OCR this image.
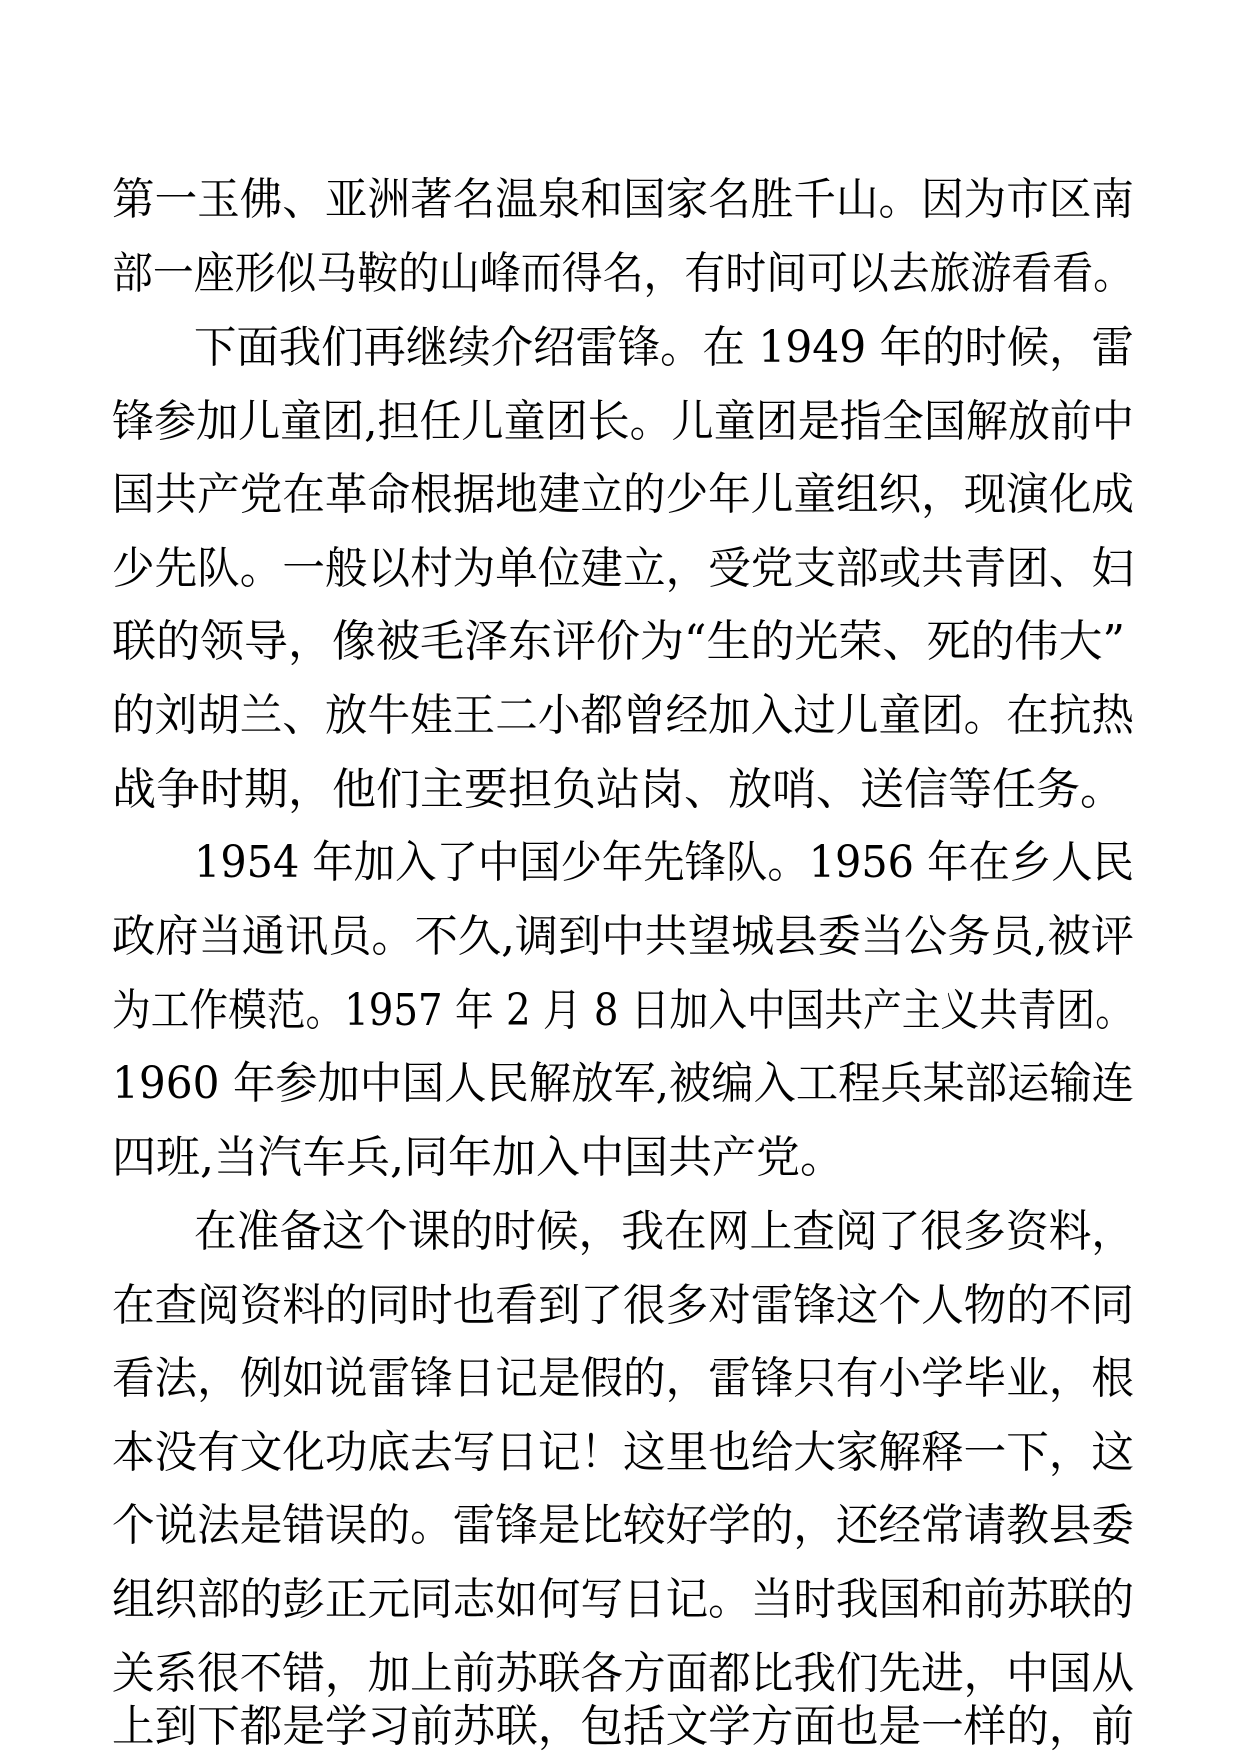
第一玉佛、亚洲著名温泉和国家名胜千山。因为市区南
部一座形似马鞍的山峰而得名，有时间可以去旅游看看。
下面我们再继续介绍雷锋。在 1949 年的时候，雷
锋参加儿童团,担任儿童团长。儿童团是指全国解放前中
国共产党在革命根据地建立的少年儿童组织，现演化成
少先队。一般以村为单位建立，受党支部或共青团、妇
联的领导，像被毛泽东评价为“生的光荣、死的伟大”
的刘胡兰、放牛娃王二小都曾经加入过儿童团。在抗热
战争时期，他们主要担负站岗、放哨、送信等任务。
1954 年加入了中国少年先锋队。1956 年在乡人民
政府当通讯员。不久,调到中共望城县委当公务员,被评
为工作模范。1957 年 2 月 8 日加入中国共产主义共青团。
1960 年参加中国人民解放军,被编入工程兵某部运输连
四班,当汽车兵,同年加入中国共产党。
在准备这个课的时候，我在网上查阅了很多资料，
在查阅资料的同时也看到了很多对雷锋这个人物的不同
看法，例如说雷锋日记是假的，雷锋只有小学毕业，根
本没有文化功底去写日记！这里也给大家解释一下，这
个说法是错误的。雷锋是比较好学的，还经常请教县委
组织部的彭正元同志如何写日记。当时我国和前苏联的
关系很不错，加上前苏联各方面都比我们先进，中国从
上到下都是学习前苏联，包括文学方面也是一样的，前
